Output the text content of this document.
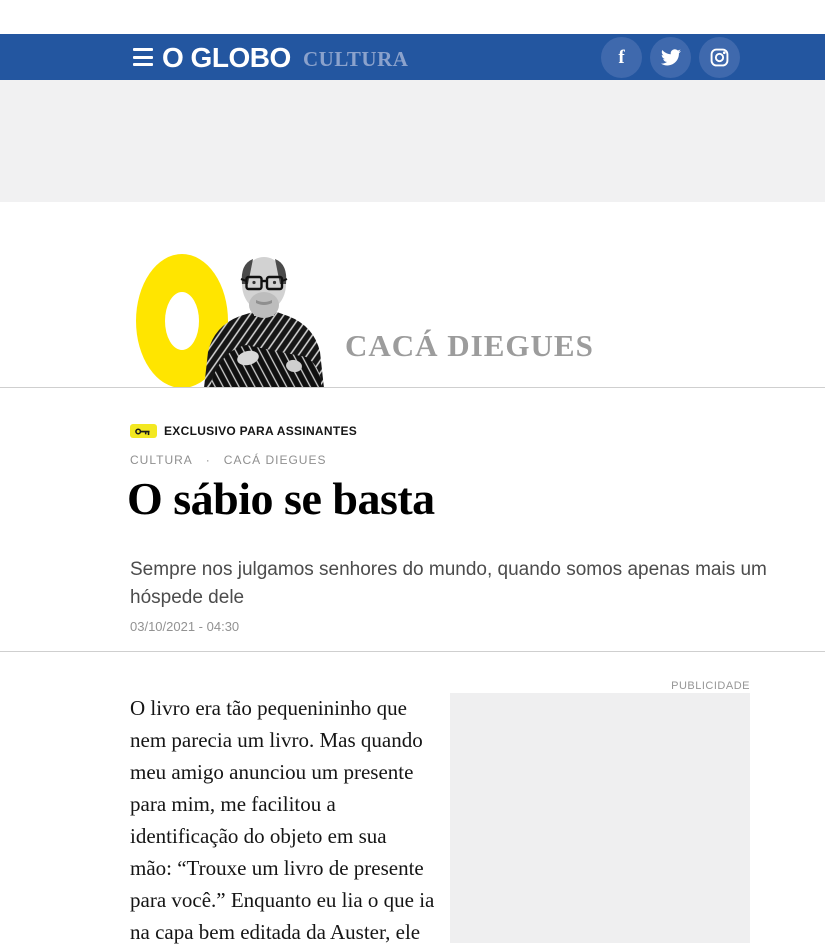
O GLOBO CULTURA	f
CACÁ DIEGUES
EXCLUSIVO PARA ASSINANTES
CULTURA · CACÁ DIEGUES
O sábio se basta
Sempre nos julgamos senhores do mundo, quando somos apenas mais um
hóspede dele
03/10/2021 - 04:30
O livro era tão pequenininho que
nem parecia um livro. Mas quando
meu amigo anunciou um presente
para mim, me facilitou a
identificação do objeto em sua
mão: “Trouxe um livro de presente
para você.” Enquanto eu lia o que ia
na capa bem editada da Auster, ele
PUBLICIDADE
